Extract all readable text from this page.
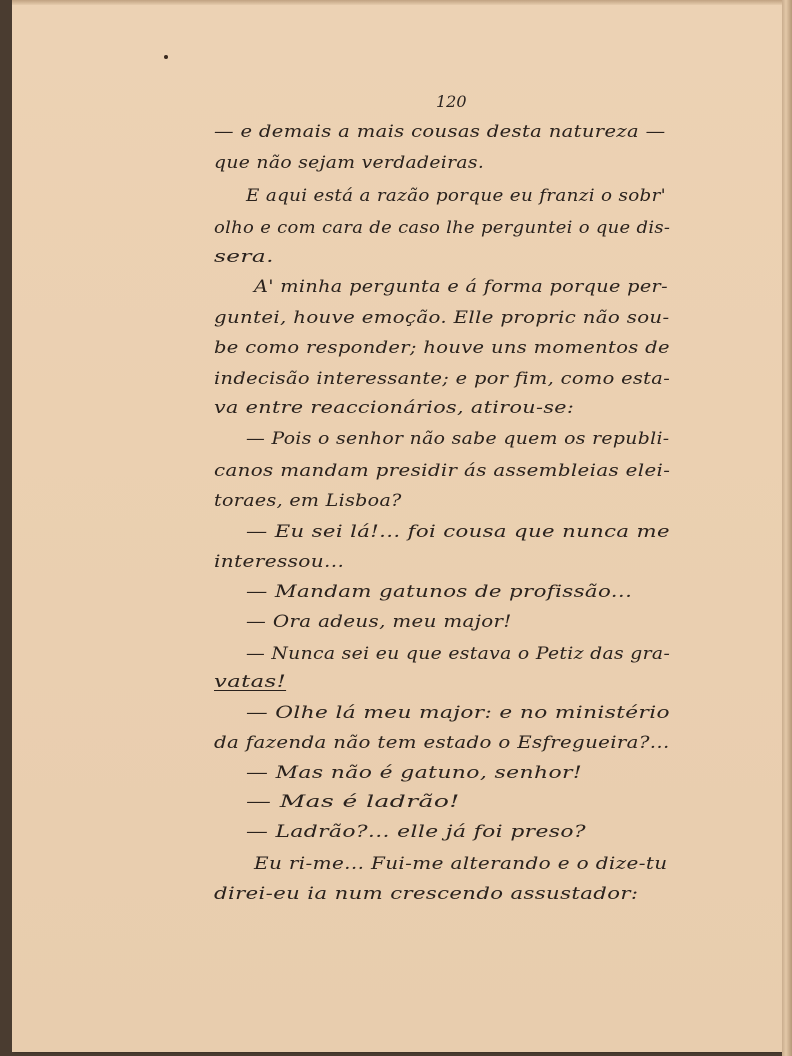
120
— e demais a mais cousas desta natureza —
que não sejam verdadeiras.
E aqui está a razão porque eu franzi o sobr'
olho e com cara de caso lhe perguntei o que dis-
sera.
A' minha pergunta e á forma porque per-
guntei, houve emoção. Elle propric não sou-
be como responder; houve uns momentos de
indecisão interessante; e por fim, como esta-
va entre reaccionários, atirou-se:
— Pois o senhor não sabe quem os republi-
canos mandam presidir ás assembleias elei-
toraes, em Lisboa?
— Eu sei lá!... foi cousa que nunca me
interessou...
— Mandam gatunos de profissão...
— Ora adeus, meu major!
— Nunca sei eu que estava o Petiz das gra-
vatas!
— Olhe lá meu major: e no ministério
da fazenda não tem estado o Esfregueira?...
— Mas não é gatuno, senhor!
— Mas é ladrão!
— Ladrão?... elle já foi preso?
Eu ri-me... Fui-me alterando e o dize-tu
direi-eu ia num crescendo assustador:
